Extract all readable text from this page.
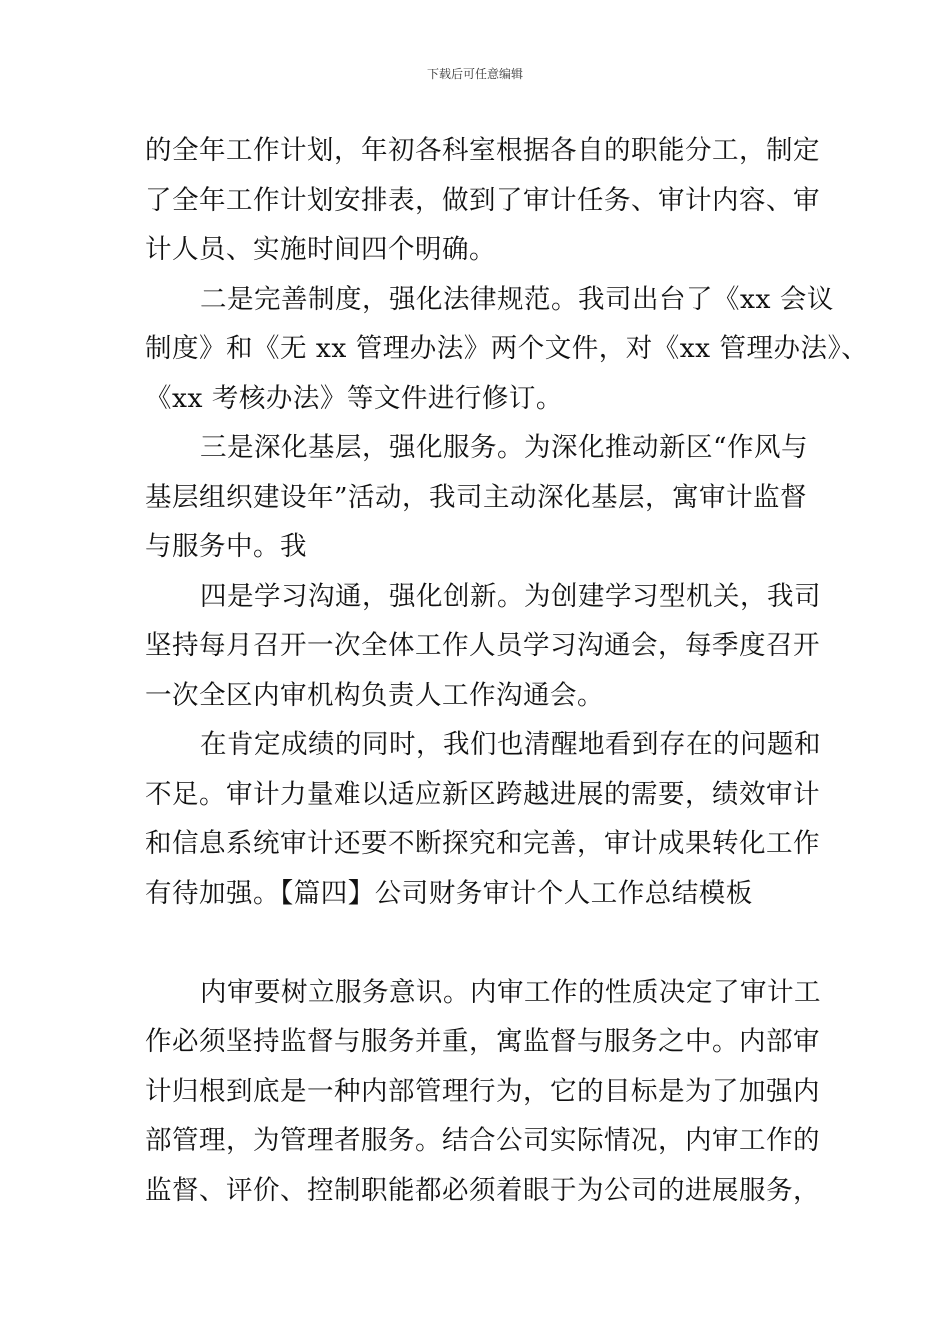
下载后可任意编辑
的全年工作计划，年初各科室根据各自的职能分工，制定
了全年工作计划安排表，做到了审计任务、审计内容、审
计人员、实施时间四个明确。
二是完善制度，强化法律规范。我司出台了《xx 会议
制度》和《无 xx 管理办法》两个文件，对《xx 管理办法》、
《xx 考核办法》等文件进行修订。
三是深化基层，强化服务。为深化推动新区“作风与
基层组织建设年”活动，我司主动深化基层，寓审计监督
与服务中。我
四是学习沟通，强化创新。为创建学习型机关，我司
坚持每月召开一次全体工作人员学习沟通会，每季度召开
一次全区内审机构负责人工作沟通会。
在肯定成绩的同时，我们也清醒地看到存在的问题和
不足。审计力量难以适应新区跨越进展的需要，绩效审计
和信息系统审计还要不断探究和完善，审计成果转化工作
有待加强。【篇四】公司财务审计个人工作总结模板
内审要树立服务意识。内审工作的性质决定了审计工
作必须坚持监督与服务并重，寓监督与服务之中。内部审
计归根到底是一种内部管理行为，它的目标是为了加强内
部管理，为管理者服务。结合公司实际情况，内审工作的
监督、评价、控制职能都必须着眼于为公司的进展服务，
